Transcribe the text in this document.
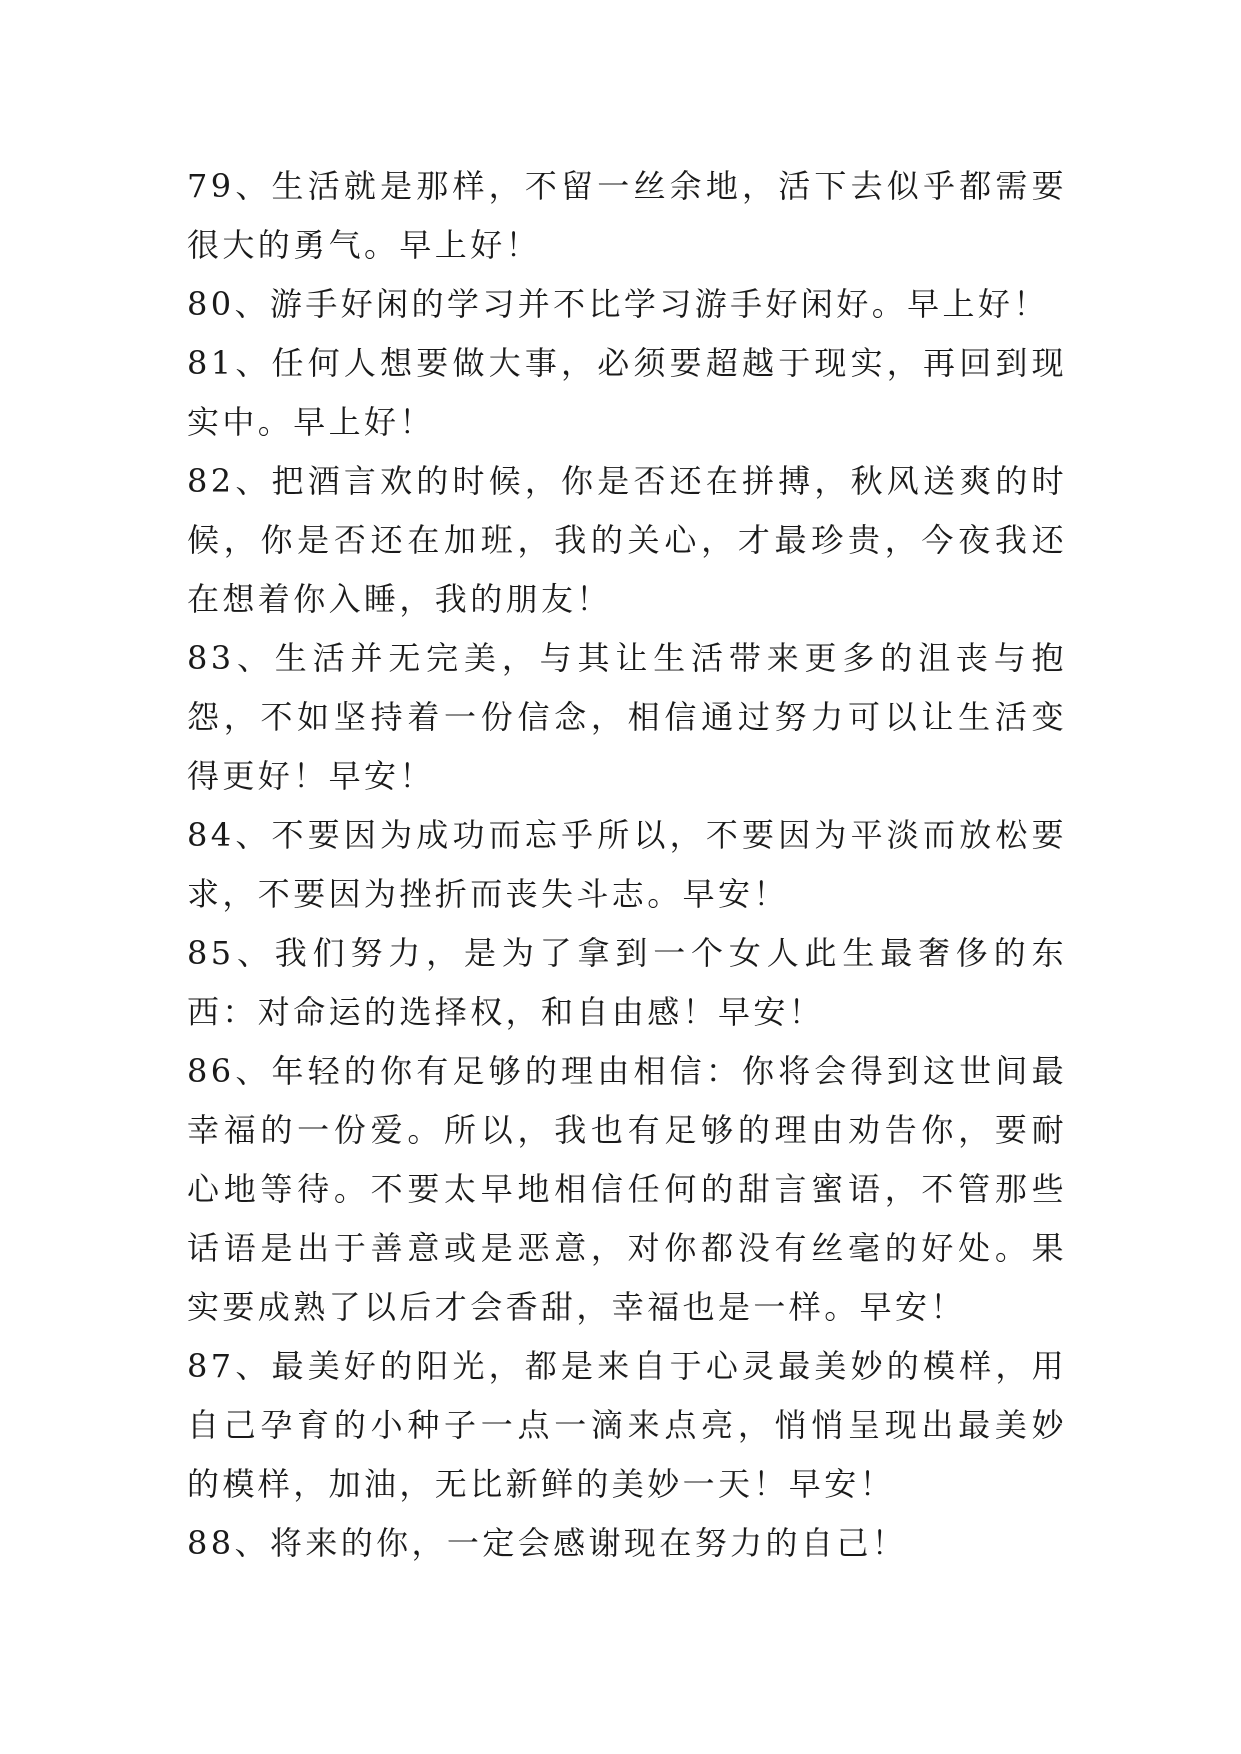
79、生活就是那样，不留一丝余地，活下去似乎都需要很大的勇气。早上好！

80、游手好闲的学习并不比学习游手好闲好。早上好！

81、任何人想要做大事，必须要超越于现实，再回到现实中。早上好！

82、把酒言欢的时候，你是否还在拼搏，秋风送爽的时候，你是否还在加班，我的关心，才最珍贵，今夜我还在想着你入睡，我的朋友！

83、生活并无完美，与其让生活带来更多的沮丧与抱怨，不如坚持着一份信念，相信通过努力可以让生活变得更好！早安！

84、不要因为成功而忘乎所以，不要因为平淡而放松要求，不要因为挫折而丧失斗志。早安！

85、我们努力，是为了拿到一个女人此生最奢侈的东西：对命运的选择权，和自由感！早安！

86、年轻的你有足够的理由相信：你将会得到这世间最幸福的一份爱。所以，我也有足够的理由劝告你，要耐心地等待。不要太早地相信任何的甜言蜜语，不管那些话语是出于善意或是恶意，对你都没有丝毫的好处。果实要成熟了以后才会香甜，幸福也是一样。早安！

87、最美好的阳光，都是来自于心灵最美妙的模样，用自己孕育的小种子一点一滴来点亮，悄悄呈现出最美妙的模样，加油，无比新鲜的美妙一天！早安！

88、将来的你，一定会感谢现在努力的自己！
